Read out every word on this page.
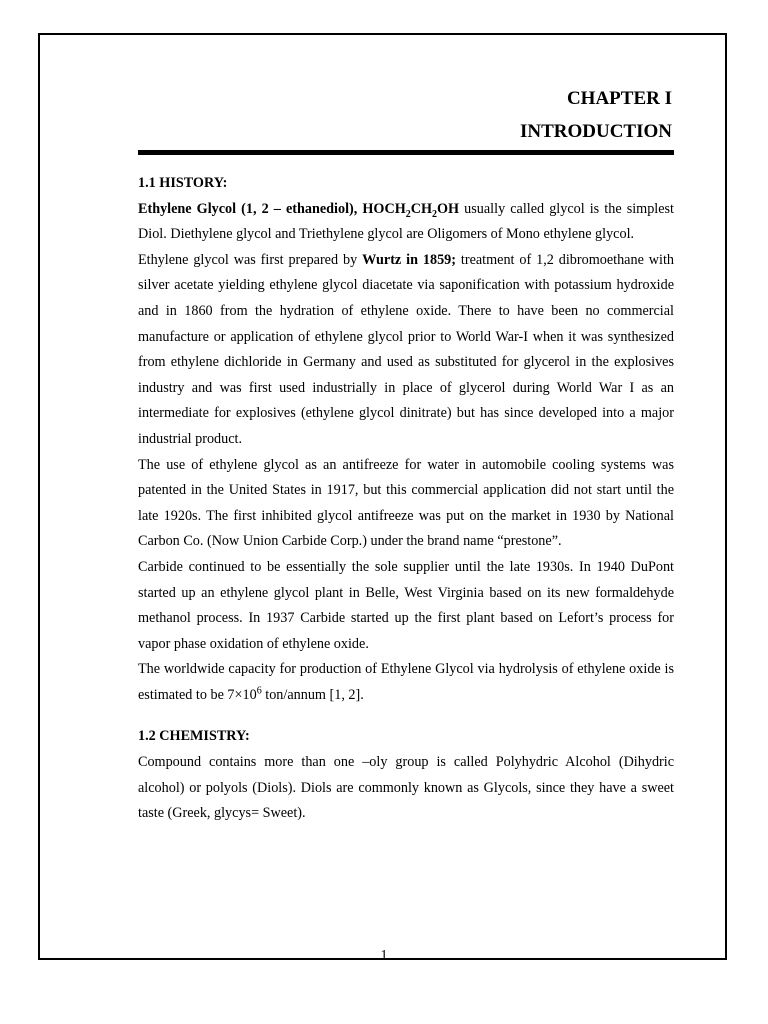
CHAPTER I
INTRODUCTION
1.1 HISTORY:

Ethylene Glycol (1, 2 – ethanediol), $HOCH_2CH_2OH$ usually called glycol is the simplest Diol. Diethylene glycol and Triethylene glycol are Oligomers of Mono ethylene glycol.

Ethylene glycol was first prepared by Wurtz in 1859; treatment of 1,2 dibromoethane with silver acetate yielding ethylene glycol diacetate via saponification with potassium hydroxide and in 1860 from the hydration of ethylene oxide. There to have been no commercial manufacture or application of ethylene glycol prior to World War-I when it was synthesized from ethylene dichloride in Germany and used as substituted for glycerol in the explosives industry and was first used industrially in place of glycerol during World War I as an intermediate for explosives (ethylene glycol dinitrate) but has since developed into a major industrial product.

The use of ethylene glycol as an antifreeze for water in automobile cooling systems was patented in the United States in 1917, but this commercial application did not start until the late 1920s. The first inhibited glycol antifreeze was put on the market in 1930 by National Carbon Co. (Now Union Carbide Corp.) under the brand name “prestone”.

Carbide continued to be essentially the sole supplier until the late 1930s. In 1940 DuPont started up an ethylene glycol plant in Belle, West Virginia based on its new formaldehyde methanol process. In 1937 Carbide started up the first plant based on Lefort’s process for vapor phase oxidation of ethylene oxide.

The worldwide capacity for production of Ethylene Glycol via hydrolysis of ethylene oxide is estimated to be $7\times 10^6$ ton/annum [1, 2].

1.2 CHEMISTRY:

Compound contains more than one –oly group is called Polyhydric Alcohol (Dihydric alcohol) or polyols (Diols). Diols are commonly known as Glycols, since they have a sweet taste (Greek, glycys= Sweet).

1
